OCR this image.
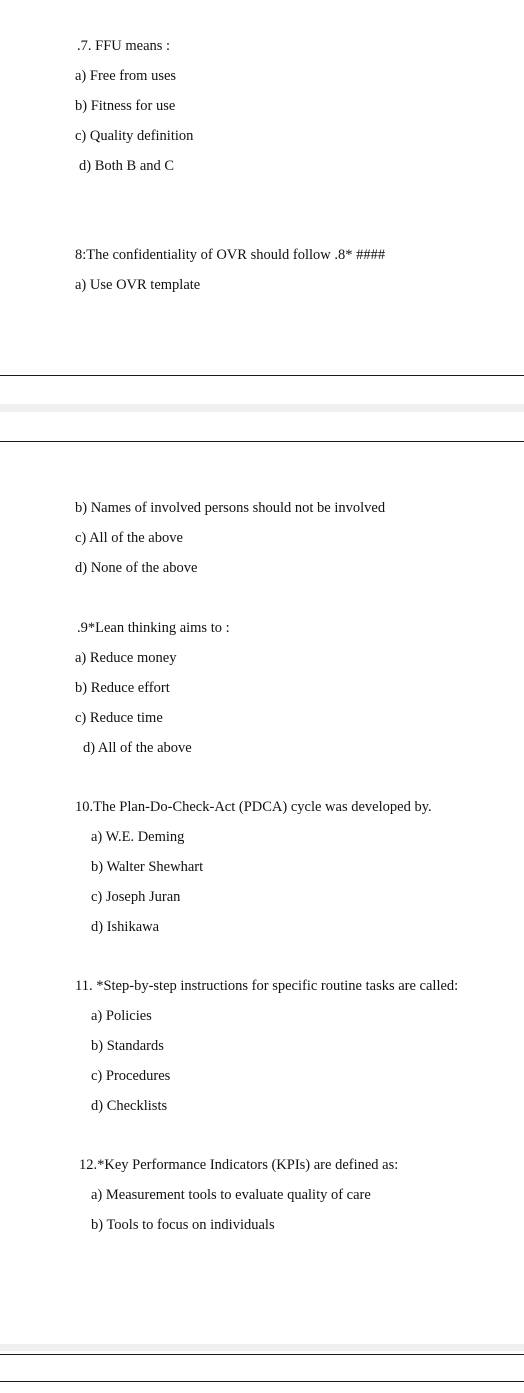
.7. FFU means :
a) Free from uses
b) Fitness for use
c) Quality definition
d) Both B and C
8:The confidentiality of OVR should follow .8* ####
a) Use OVR template
b) Names of involved persons should not be involved
c) All of the above
d) None of the above
.9*Lean thinking aims to :
a) Reduce money
b) Reduce effort
c) Reduce time
d) All of the above
10.The Plan-Do-Check-Act (PDCA) cycle was developed by.
a) W.E. Deming
b) Walter Shewhart
c) Joseph Juran
d) Ishikawa
11. *Step-by-step instructions for specific routine tasks are called:
a) Policies
b) Standards
c) Procedures
d) Checklists
12.*Key Performance Indicators (KPIs) are defined as:
a) Measurement tools to evaluate quality of care
b) Tools to focus on individuals
